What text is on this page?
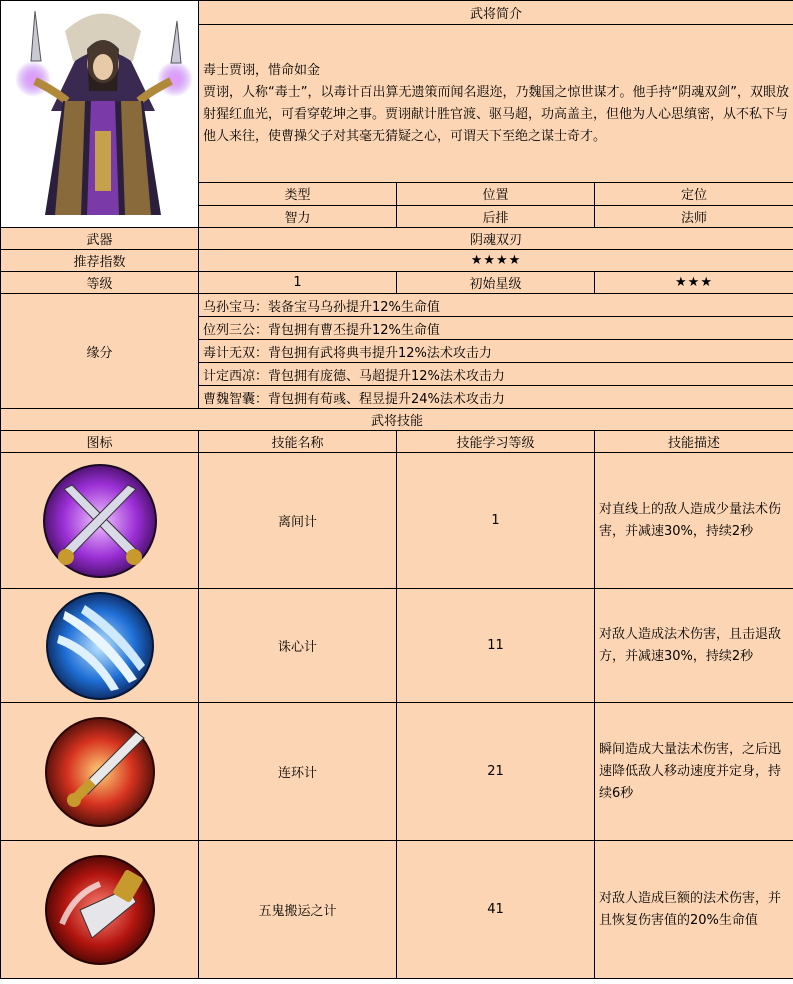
	武将简介		

	毒士贾诩，惜命如金
贾诩，人称“毒士”，以毒计百出算无遗策而闻名遐迩，乃魏国之惊世谋才。他手持“阴魂双剑”，双眼放射猩红血光，可看穿乾坤之事。贾诩献计胜官渡、驱马超，功高盖主，但他为人心思缜密，从不私下与他人来往，使曹操父子对其毫无猜疑之心，可谓天下至绝之谋士奇才。		

	类型	位置	定位
	智力	后排	法师
武器	阴魂双刃		
推荐指数	★★★★		
等级	1	初始星级	★★★
缘分	乌孙宝马：装备宝马乌孙提升12%生命值		
	位列三公：背包拥有曹丕提升12%生命值		
	毒计无双：背包拥有武将典韦提升12%法术攻击力		
	计定西凉：背包拥有庞德、马超提升12%法术攻击力		
	曹魏智囊：背包拥有荀彧、程昱提升24%法术攻击力		
武将技能			
图标	技能名称	技能学习等级	技能描述

	离间计	1	对直线上的敌人造成少量法术伤害，并减速30%，持续2秒

	诛心计	11	对敌人造成法术伤害，且击退敌方，并减速30%，持续2秒

	连环计	21	瞬间造成大量法术伤害，之后迅速降低敌人移动速度并定身，持续6秒

	五鬼搬运之计	41	对敌人造成巨额的法术伤害，并且恢复伤害值的20%生命值
